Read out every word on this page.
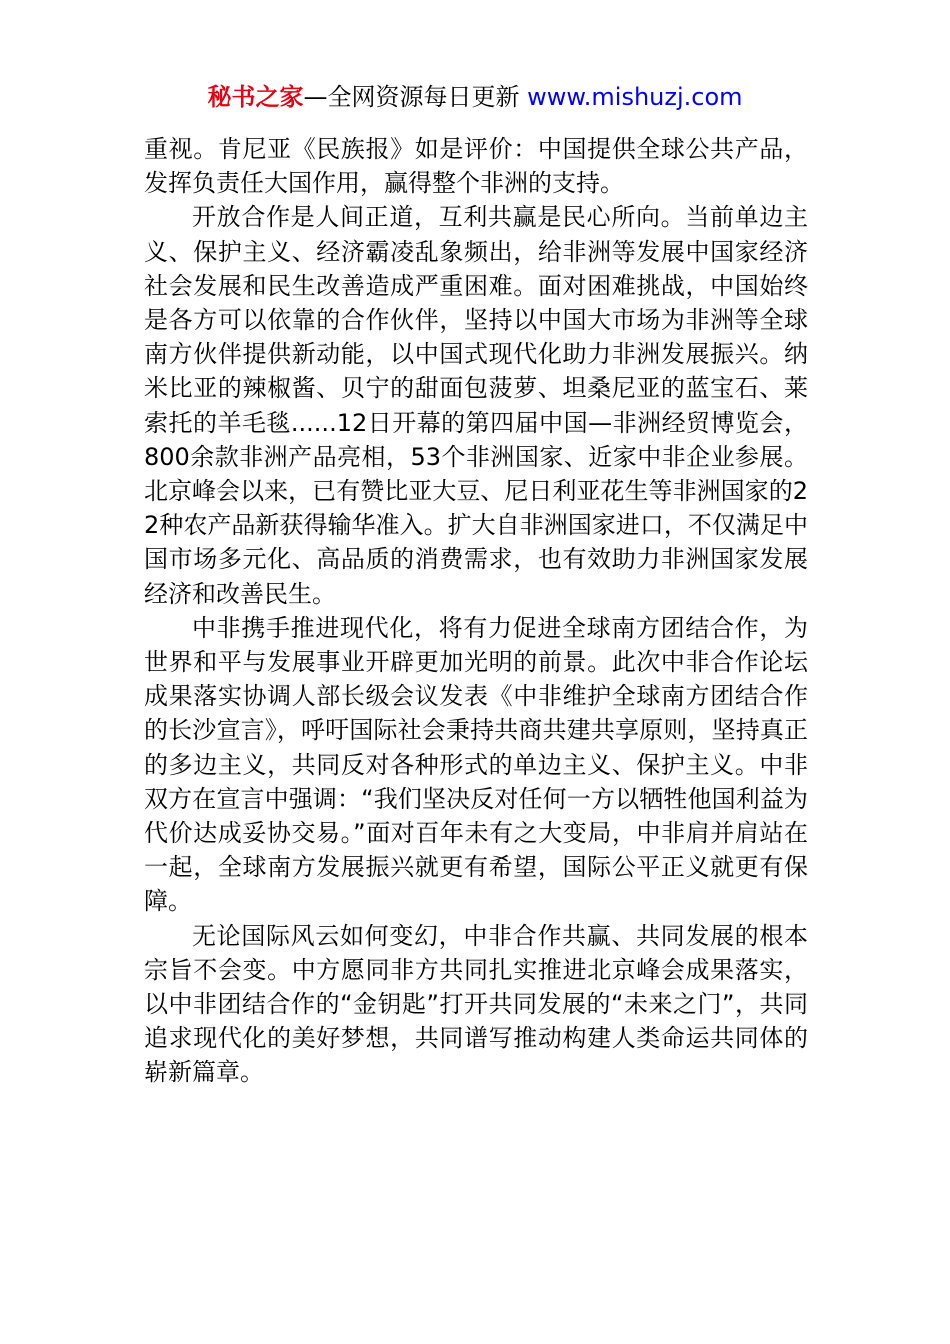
秘书之家—全网资源每日更新 www.mishuzj.com

重视。肯尼亚《民族报》如是评价：中国提供全球公共产品，发挥负责任大国作用，赢得整个非洲的支持。

开放合作是人间正道，互利共赢是民心所向。当前单边主义、保护主义、经济霸凌乱象频出，给非洲等发展中国家经济社会发展和民生改善造成严重困难。面对困难挑战，中国始终是各方可以依靠的合作伙伴，坚持以中国大市场为非洲等全球南方伙伴提供新动能，以中国式现代化助力非洲发展振兴。纳米比亚的辣椒酱、贝宁的甜面包菠萝、坦桑尼亚的蓝宝石、莱索托的羊毛毯......12日开幕的第四届中国—非洲经贸博览会，800余款非洲产品亮相，53个非洲国家、近家中非企业参展。北京峰会以来，已有赞比亚大豆、尼日利亚花生等非洲国家的22种农产品新获得输华准入。扩大自非洲国家进口，不仅满足中国市场多元化、高品质的消费需求，也有效助力非洲国家发展经济和改善民生。

中非携手推进现代化，将有力促进全球南方团结合作，为世界和平与发展事业开辟更加光明的前景。此次中非合作论坛成果落实协调人部长级会议发表《中非维护全球南方团结合作的长沙宣言》，呼吁国际社会秉持共商共建共享原则，坚持真正的多边主义，共同反对各种形式的单边主义、保护主义。中非双方在宣言中强调：“我们坚决反对任何一方以牺牲他国利益为代价达成妥协交易。”面对百年未有之大变局，中非肩并肩站在一起，全球南方发展振兴就更有希望，国际公平正义就更有保障。

无论国际风云如何变幻，中非合作共赢、共同发展的根本宗旨不会变。中方愿同非方共同扎实推进北京峰会成果落实，以中非团结合作的“金钥匙”打开共同发展的“未来之门”，共同追求现代化的美好梦想，共同谱写推动构建人类命运共同体的崭新篇章。
